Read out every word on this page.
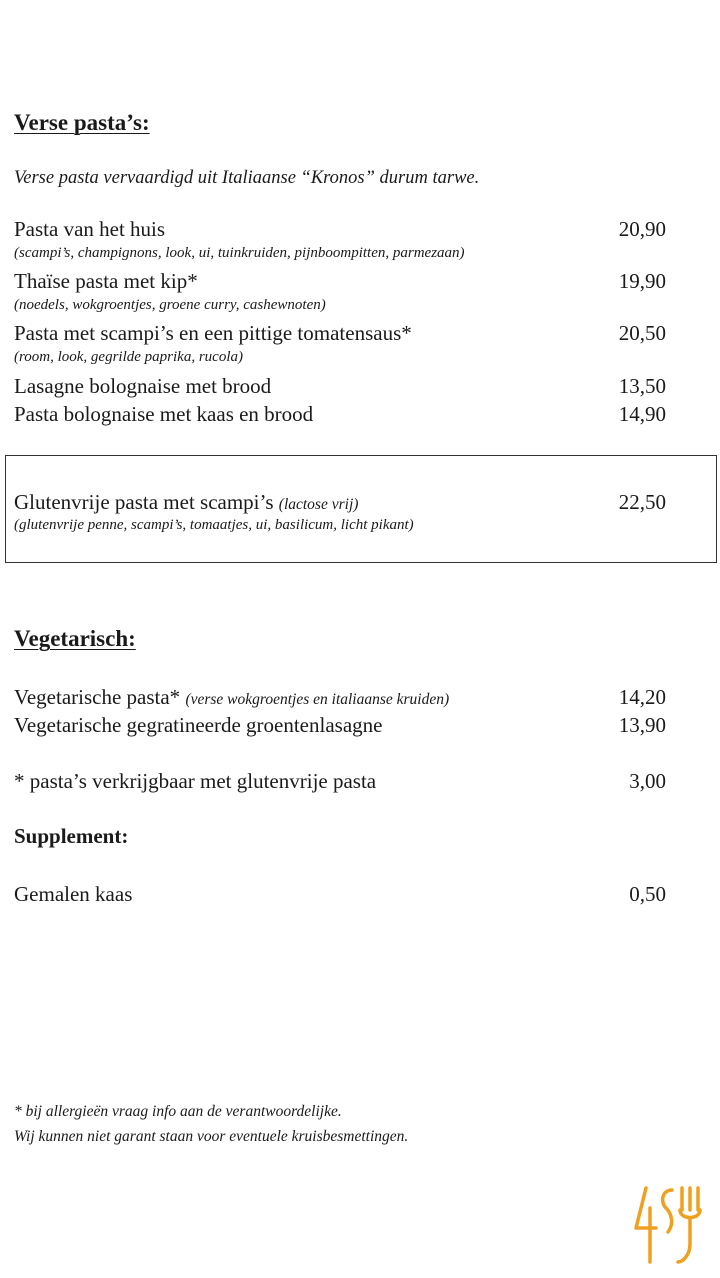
Verse pasta’s:
Verse pasta vervaardigd uit Italiaanse “Kronos” durum tarwe.
Pasta van het huis	20,90
(scampi’s, champignons, look, ui, tuinkruiden, pijnboompitten, parmezaan)
Thaïse pasta met kip*	19,90
(noedels, wokgroentjes, groene curry, cashewnoten)
Pasta met scampi’s en een pittige tomatensaus*	20,50
(room, look, gegrilde paprika, rucola)
Lasagne bolognaise met brood	13,50
Pasta bolognaise met kaas en brood	14,90
Glutenvrije pasta met scampi’s (lactose vrij)	22,50
(glutenvrije penne, scampi’s, tomaatjes, ui, basilicum, licht pikant)
Vegetarisch:
Vegetarische pasta* (verse wokgroentjes en italiaanse kruiden)	14,20
Vegetarische gegratineerde groentenlasagne	13,90
* pasta’s verkrijgbaar met glutenvrije pasta	3,00
Supplement:
Gemalen kaas	0,50
* bij allergieën vraag info aan de verantwoordelijke.
Wij kunnen niet garant staan voor eventuele kruisbesmettingen.
